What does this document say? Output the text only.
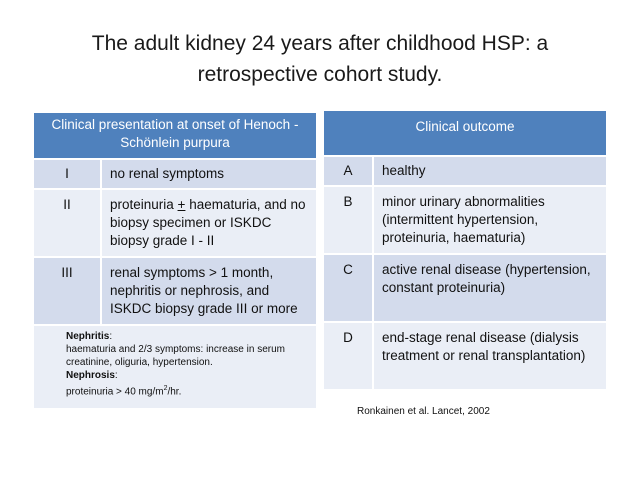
The adult kidney 24 years after childhood HSP: a
retrospective cohort study.
Clinical presentation at onset of Henoch -
Schönlein purpura	

I	no renal symptoms
II	proteinuria + haematuria, and no biopsy specimen or ISKDC biopsy grade I - II
III	renal symptoms > 1 month, nephritis or nephrosis, and ISKDC biopsy grade III or more

Nephritis:
haematuria and 2/3 symptoms: increase in serum creatinine, oliguria, hypertension.
Nephrosis:
proteinuria > 40 $mg/m^2/hr$.	
Clinical outcome	
A	healthy
B	minor urinary abnormalities (intermittent hypertension, proteinuria, haematuria)
C	active renal disease (hypertension, constant proteinuria)
D	end-stage renal disease (dialysis treatment or renal transplantation)
Ronkainen et al. Lancet, 2002
